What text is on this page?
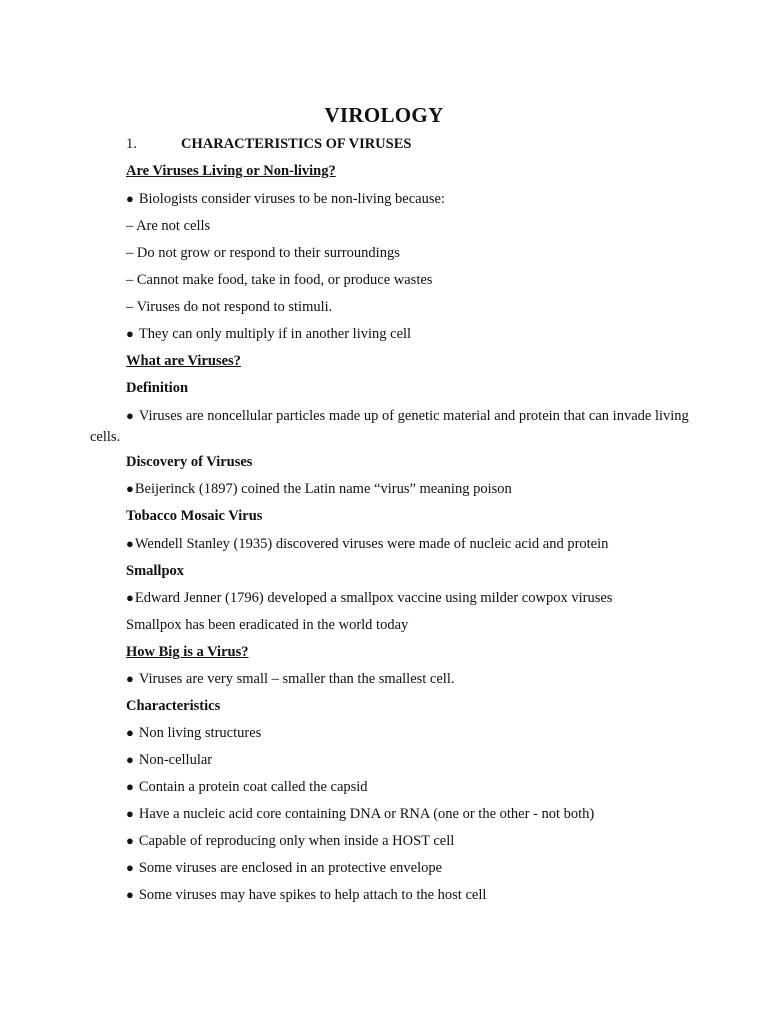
VIROLOGY
1.	CHARACTERISTICS OF VIRUSES
Are Viruses Living or Non-living?
● Biologists consider viruses to be non-living because:
– Are not cells
– Do not grow or respond to their surroundings
– Cannot make food, take in food, or produce wastes
– Viruses do not respond to stimuli.
● They can only multiply if in another living cell
What are Viruses?
Definition
● Viruses are noncellular particles made up of genetic material and protein that can invade living cells.
Discovery of Viruses
● Beijerinck (1897) coined the Latin name “virus” meaning poison
Tobacco Mosaic Virus
● Wendell Stanley (1935) discovered viruses were made of nucleic acid and protein
Smallpox
● Edward Jenner (1796) developed a smallpox vaccine using milder cowpox viruses
Smallpox has been eradicated in the world today
How Big is a Virus?
● Viruses are very small – smaller than the smallest cell.
Characteristics
● Non living structures
● Non-cellular
● Contain a protein coat called the capsid
● Have a nucleic acid core containing DNA or RNA (one or the other - not both)
● Capable of reproducing only when inside a HOST cell
● Some viruses are enclosed in an protective envelope
● Some viruses may have spikes to help attach to the host cell
